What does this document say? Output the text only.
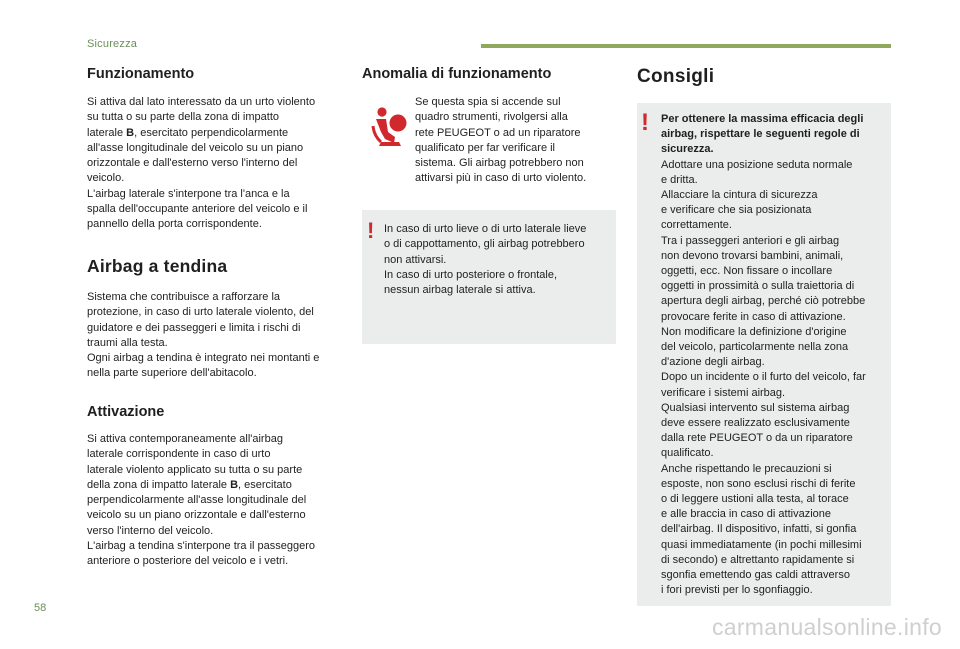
Sicurezza
Funzionamento

Si attiva dal lato interessato da un urto violento
su tutta o su parte della zona di impatto
laterale B, esercitato perpendicolarmente
all'asse longitudinale del veicolo su un piano
orizzontale e dall'esterno verso l'interno del
veicolo.
L'airbag laterale s'interpone tra l'anca e la
spalla dell'occupante anteriore del veicolo e il
pannello della porta corrispondente.

Airbag a tendina

Sistema che contribuisce a rafforzare la
protezione, in caso di urto laterale violento, del
guidatore e dei passeggeri e limita i rischi di
traumi alla testa.
Ogni airbag a tendina è integrato nei montanti e
nella parte superiore dell'abitacolo.

Attivazione

Si attiva contemporaneamente all'airbag
laterale corrispondente in caso di urto
laterale violento applicato su tutta o su parte
della zona di impatto laterale B, esercitato
perpendicolarmente all'asse longitudinale del
veicolo su un piano orizzontale e dall'esterno
verso l'interno del veicolo.
L'airbag a tendina s'interpone tra il passeggero
anteriore o posteriore del veicolo e i vetri.

Anomalia di funzionamento

Se questa spia si accende sul
quadro strumenti, rivolgersi alla
rete PEUGEOT o ad un riparatore
qualificato per far verificare il
sistema. Gli airbag potrebbero non
attivarsi più in caso di urto violento.

! In caso di urto lieve o di urto laterale lieve
o di cappottamento, gli airbag potrebbero
non attivarsi.
In caso di urto posteriore o frontale,
nessun airbag laterale si attiva.

Consigli
! Per ottenere la massima efficacia degli
airbag, rispettare le seguenti regole di
sicurezza.

Adottare una posizione seduta normale
e dritta.
Allacciare la cintura di sicurezza
e verificare che sia posizionata
correttamente.
Tra i passeggeri anteriori e gli airbag
non devono trovarsi bambini, animali,
oggetti, ecc. Non fissare o incollare
oggetti in prossimità o sulla traiettoria di
apertura degli airbag, perché ciò potrebbe
provocare ferite in caso di attivazione.
Non modificare la definizione d'origine
del veicolo, particolarmente nella zona
d'azione degli airbag.
Dopo un incidente o il furto del veicolo, far
verificare i sistemi airbag.
Qualsiasi intervento sul sistema airbag
deve essere realizzato esclusivamente
dalla rete PEUGEOT o da un riparatore
qualificato.
Anche rispettando le precauzioni si
esposte, non sono esclusi rischi di ferite
o di leggere ustioni alla testa, al torace
e alle braccia in caso di attivazione
dell'airbag. Il dispositivo, infatti, si gonfia
quasi immediatamente (in pochi millesimi
di secondo) e altrettanto rapidamente si
sgonfia emettendo gas caldi attraverso
i fori previsti per lo sgonfiaggio.

58
carmanualsonline.info
